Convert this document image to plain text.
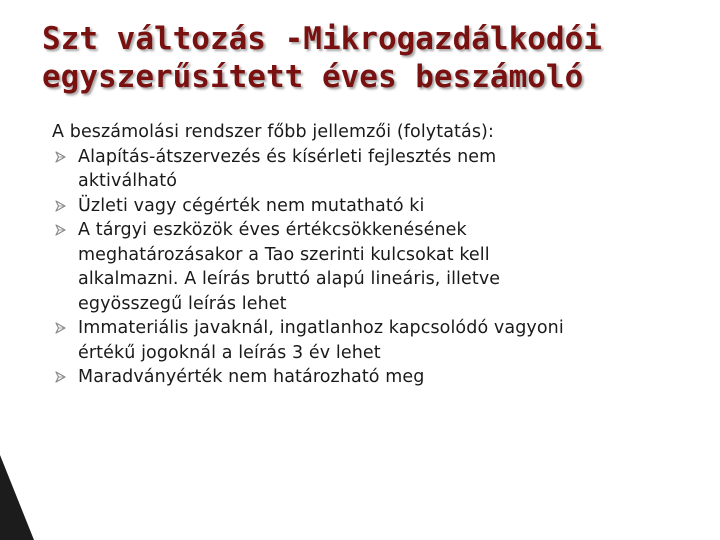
Szt változás -Mikrogazdálkodói
egyszerűsített éves beszámoló

A beszámolási rendszer főbb jellemzői (folytatás):

Alapítás-átszervezés és kísérleti fejlesztés nem
aktiválható
Üzleti vagy cégérték nem mutatható ki
A tárgyi eszközök éves értékcsökkenésének
meghatározásakor a Tao szerinti kulcsokat kell
alkalmazni. A leírás bruttó alapú lineáris, illetve
egyösszegű leírás lehet
Immateriális javaknál, ingatlanhoz kapcsolódó vagyoni
értékű jogoknál a leírás 3 év lehet
Maradványérték nem határozható meg
